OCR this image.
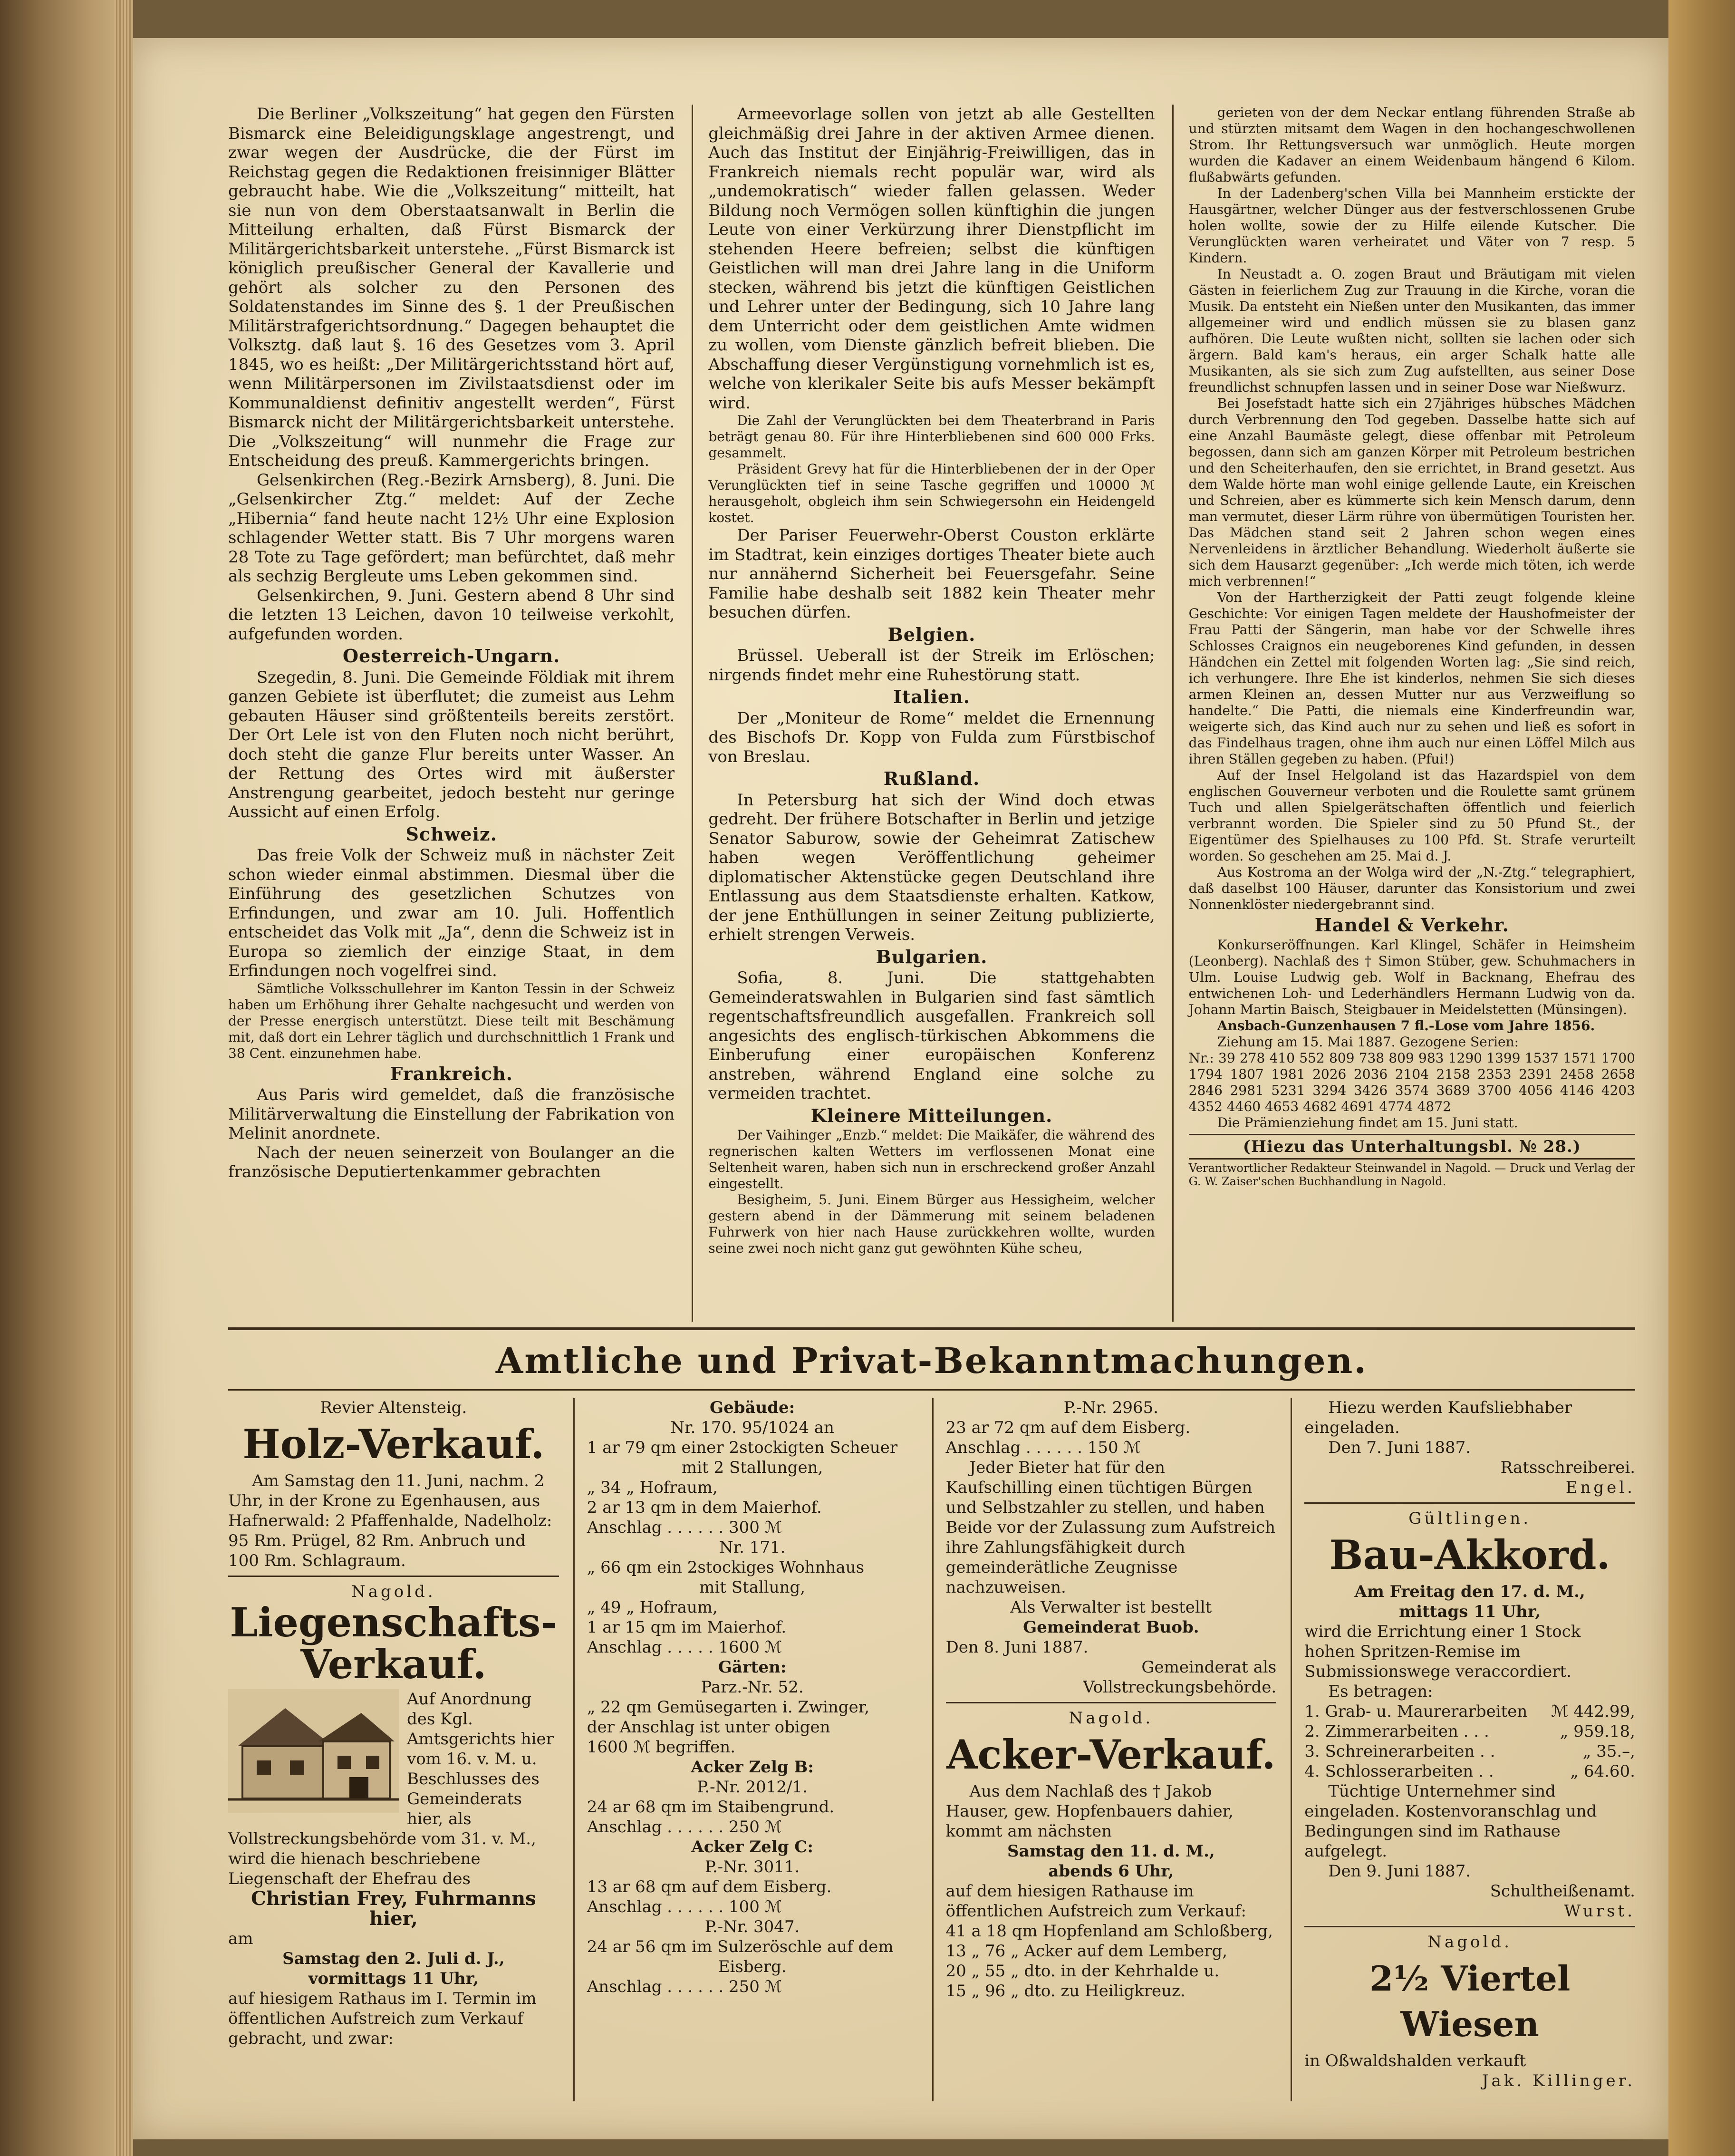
Die Berliner „Volkszeitung“ hat gegen den Fürsten Bismarck eine Beleidigungsklage angestrengt, und zwar wegen der Ausdrücke, die der Fürst im Reichstag gegen die Redaktionen freisinniger Blätter gebraucht habe. Wie die „Volkszeitung“ mitteilt, hat sie nun von dem Oberstaatsanwalt in Berlin die Mitteilung erhalten, daß Fürst Bismarck der Militärgerichtsbarkeit unterstehe. „Fürst Bismarck ist königlich preußischer General der Kavallerie und gehört als solcher zu den Personen des Soldatenstandes im Sinne des §. 1 der Preußischen Militärstrafgerichtsordnung.“ Dagegen behauptet die Volksztg. daß laut §. 16 des Gesetzes vom 3. April 1845, wo es heißt: „Der Militärgerichtsstand hört auf, wenn Militärpersonen im Zivilstaatsdienst oder im Kommunaldienst definitiv angestellt werden“, Fürst Bismarck nicht der Militärgerichtsbarkeit unterstehe. Die „Volkszeitung“ will nunmehr die Frage zur Entscheidung des preuß. Kammergerichts bringen.

Gelsenkirchen (Reg.-Bezirk Arnsberg), 8. Juni. Die „Gelsenkircher Ztg.“ meldet: Auf der Zeche „Hibernia“ fand heute nacht 12½ Uhr eine Explosion schlagender Wetter statt. Bis 7 Uhr morgens waren 28 Tote zu Tage gefördert; man befürchtet, daß mehr als sechzig Bergleute ums Leben gekommen sind.

Gelsenkirchen, 9. Juni. Gestern abend 8 Uhr sind die letzten 13 Leichen, davon 10 teilweise verkohlt, aufgefunden worden.

Oesterreich-Ungarn.

Szegedin, 8. Juni. Die Gemeinde Földiak mit ihrem ganzen Gebiete ist überflutet; die zumeist aus Lehm gebauten Häuser sind größtenteils bereits zerstört. Der Ort Lele ist von den Fluten noch nicht berührt, doch steht die ganze Flur bereits unter Wasser. An der Rettung des Ortes wird mit äußerster Anstrengung gearbeitet, jedoch besteht nur geringe Aussicht auf einen Erfolg.

Schweiz.

Das freie Volk der Schweiz muß in nächster Zeit schon wieder einmal abstimmen. Diesmal über die Einführung des gesetzlichen Schutzes von Erfindungen, und zwar am 10. Juli. Hoffentlich entscheidet das Volk mit „Ja“, denn die Schweiz ist in Europa so ziemlich der einzige Staat, in dem Erfindungen noch vogelfrei sind.

Sämtliche Volksschullehrer im Kanton Tessin in der Schweiz haben um Erhöhung ihrer Gehalte nachgesucht und werden von der Presse energisch unterstützt. Diese teilt mit Beschämung mit, daß dort ein Lehrer täglich und durchschnittlich 1 Frank und 38 Cent. einzunehmen habe.

Frankreich.

Aus Paris wird gemeldet, daß die französische Militärverwaltung die Einstellung der Fabrikation von Melinit anordnete.

Nach der neuen seinerzeit von Boulanger an die französische Deputiertenkammer gebrachten

Armeevorlage sollen von jetzt ab alle Gestellten gleichmäßig drei Jahre in der aktiven Armee dienen. Auch das Institut der Einjährig-Freiwilligen, das in Frankreich niemals recht populär war, wird als „undemokratisch“ wieder fallen gelassen. Weder Bildung noch Vermögen sollen künftighin die jungen Leute von einer Verkürzung ihrer Dienstpflicht im stehenden Heere befreien; selbst die künftigen Geistlichen will man drei Jahre lang in die Uniform stecken, während bis jetzt die künftigen Geistlichen und Lehrer unter der Bedingung, sich 10 Jahre lang dem Unterricht oder dem geistlichen Amte widmen zu wollen, vom Dienste gänzlich befreit blieben. Die Abschaffung dieser Vergünstigung vornehmlich ist es, welche von klerikaler Seite bis aufs Messer bekämpft wird.

Die Zahl der Verunglückten bei dem Theaterbrand in Paris beträgt genau 80. Für ihre Hinterbliebenen sind 600 000 Frks. gesammelt.

Präsident Grevy hat für die Hinterbliebenen der in der Oper Verunglückten tief in seine Tasche gegriffen und 10000 ℳ herausgeholt, obgleich ihm sein Schwiegersohn ein Heidengeld kostet.

Der Pariser Feuerwehr-Oberst Couston erklärte im Stadtrat, kein einziges dortiges Theater biete auch nur annähernd Sicherheit bei Feuersgefahr. Seine Familie habe deshalb seit 1882 kein Theater mehr besuchen dürfen.

Belgien.

Brüssel. Ueberall ist der Streik im Erlöschen; nirgends findet mehr eine Ruhestörung statt.

Italien.

Der „Moniteur de Rome“ meldet die Ernennung des Bischofs Dr. Kopp von Fulda zum Fürstbischof von Breslau.

Rußland.

In Petersburg hat sich der Wind doch etwas gedreht. Der frühere Botschafter in Berlin und jetzige Senator Saburow, sowie der Geheimrat Zatischew haben wegen Veröffentlichung geheimer diplomatischer Aktenstücke gegen Deutschland ihre Entlassung aus dem Staatsdienste erhalten. Katkow, der jene Enthüllungen in seiner Zeitung publizierte, erhielt strengen Verweis.

Bulgarien.

Sofia, 8. Juni. Die stattgehabten Gemeinderatswahlen in Bulgarien sind fast sämtlich regentschaftsfreundlich ausgefallen. Frankreich soll angesichts des englisch-türkischen Abkommens die Einberufung einer europäischen Konferenz anstreben, während England eine solche zu vermeiden trachtet.

Kleinere Mitteilungen.

Der Vaihinger „Enzb.“ meldet: Die Maikäfer, die während des regnerischen kalten Wetters im verflossenen Monat eine Seltenheit waren, haben sich nun in erschreckend großer Anzahl eingestellt.

Besigheim, 5. Juni. Einem Bürger aus Hessigheim, welcher gestern abend in der Dämmerung mit seinem beladenen Fuhrwerk von hier nach Hause zurückkehren wollte, wurden seine zwei noch nicht ganz gut gewöhnten Kühe scheu,

gerieten von der dem Neckar entlang führenden Straße ab und stürzten mitsamt dem Wagen in den hochangeschwollenen Strom. Ihr Rettungsversuch war unmöglich. Heute morgen wurden die Kadaver an einem Weidenbaum hängend 6 Kilom. flußabwärts gefunden.

In der Ladenberg'schen Villa bei Mannheim erstickte der Hausgärtner, welcher Dünger aus der festverschlossenen Grube holen wollte, sowie der zu Hilfe eilende Kutscher. Die Verunglückten waren verheiratet und Väter von 7 resp. 5 Kindern.

In Neustadt a. O. zogen Braut und Bräutigam mit vielen Gästen in feierlichem Zug zur Trauung in die Kirche, voran die Musik. Da entsteht ein Nießen unter den Musikanten, das immer allgemeiner wird und endlich müssen sie zu blasen ganz aufhören. Die Leute wußten nicht, sollten sie lachen oder sich ärgern. Bald kam's heraus, ein arger Schalk hatte alle Musikanten, als sie sich zum Zug aufstellten, aus seiner Dose freundlichst schnupfen lassen und in seiner Dose war Nießwurz.

Bei Josefstadt hatte sich ein 27jähriges hübsches Mädchen durch Verbrennung den Tod gegeben. Dasselbe hatte sich auf eine Anzahl Baumäste gelegt, diese offenbar mit Petroleum begossen, dann sich am ganzen Körper mit Petroleum bestrichen und den Scheiterhaufen, den sie errichtet, in Brand gesetzt. Aus dem Walde hörte man wohl einige gellende Laute, ein Kreischen und Schreien, aber es kümmerte sich kein Mensch darum, denn man vermutet, dieser Lärm rühre von übermütigen Touristen her. Das Mädchen stand seit 2 Jahren schon wegen eines Nervenleidens in ärztlicher Behandlung. Wiederholt äußerte sie sich dem Hausarzt gegenüber: „Ich werde mich töten, ich werde mich verbrennen!“

Von der Hartherzigkeit der Patti zeugt folgende kleine Geschichte: Vor einigen Tagen meldete der Haushofmeister der Frau Patti der Sängerin, man habe vor der Schwelle ihres Schlosses Craignos ein neugeborenes Kind gefunden, in dessen Händchen ein Zettel mit folgenden Worten lag: „Sie sind reich, ich verhungere. Ihre Ehe ist kinderlos, nehmen Sie sich dieses armen Kleinen an, dessen Mutter nur aus Verzweiflung so handelte.“ Die Patti, die niemals eine Kinderfreundin war, weigerte sich, das Kind auch nur zu sehen und ließ es sofort in das Findelhaus tragen, ohne ihm auch nur einen Löffel Milch aus ihren Ställen gegeben zu haben. (Pfui!)

Auf der Insel Helgoland ist das Hazardspiel von dem englischen Gouverneur verboten und die Roulette samt grünem Tuch und allen Spielgerätschaften öffentlich und feierlich verbrannt worden. Die Spieler sind zu 50 Pfund St., der Eigentümer des Spielhauses zu 100 Pfd. St. Strafe verurteilt worden. So geschehen am 25. Mai d. J.

Aus Kostroma an der Wolga wird der „N.-Ztg.“ telegraphiert, daß daselbst 100 Häuser, darunter das Konsistorium und zwei Nonnenklöster niedergebrannt sind.

Handel & Verkehr.

Konkurseröffnungen. Karl Klingel, Schäfer in Heimsheim (Leonberg). Nachlaß des † Simon Stüber, gew. Schuhmachers in Ulm. Louise Ludwig geb. Wolf in Backnang, Ehefrau des entwichenen Loh- und Lederhändlers Hermann Ludwig von da. Johann Martin Baisch, Steigbauer in Meidelstetten (Münsingen).

Ansbach-Gunzenhausen 7 fl.-Lose vom Jahre 1856.

Ziehung am 15. Mai 1887. Gezogene Serien:

Nr.: 39 278 410 552 809 738 809 983 1290 1399 1537 1571 1700 1794 1807 1981 2026 2036 2104 2158 2353 2391 2458 2658 2846 2981 5231 3294 3426 3574 3689 3700 4056 4146 4203 4352 4460 4653 4682 4691 4774 4872

Die Prämienziehung findet am 15. Juni statt.

(Hiezu das Unterhaltungsbl. № 28.)

Verantwortlicher Redakteur Steinwandel in Nagold. — Druck und Verlag der G. W. Zaiser'schen Buchhandlung in Nagold.

Amtliche und Privat-Bekanntmachungen.

Revier Altensteig.

Holz-Verkauf.

Am Samstag den 11. Juni, nachm. 2 Uhr, in der Krone zu Egenhausen, aus Hafnerwald: 2 Pfaffenhalde, Nadelholz: 95 Rm. Prügel, 82 Rm. Anbruch und 100 Rm. Schlagraum.

Nagold.

Liegenschafts-
Verkauf.

Auf Anordnung des Kgl. Amtsgerichts hier vom 16. v. M. u. Beschlusses des Gemeinderats hier, als Vollstreckungsbehörde vom 31. v. M., wird die hienach beschriebene Liegenschaft der Ehefrau des

Christian Frey, Fuhrmanns hier,

am

Samstag den 2. Juli d. J.,

vormittags 11 Uhr,

auf hiesigem Rathaus im I. Termin im öffentlichen Aufstreich zum Verkauf gebracht, und zwar:

Gebäude:

Nr. 170. 95/1024 an

1 ar 79 qm einer 2stockigten Scheuer

mit 2 Stallungen,

„ 34 „ Hofraum,

2 ar 13 qm in dem Maierhof.

Anschlag . . . . . . 300 ℳ

Nr. 171.

„ 66 qm ein 2stockiges Wohnhaus

mit Stallung,

„ 49 „ Hofraum,

1 ar 15 qm im Maierhof.

Anschlag . . . . . 1600 ℳ

Gärten:

Parz.-Nr. 52.

„ 22 qm Gemüsegarten i. Zwinger,

der Anschlag ist unter obigen

1600 ℳ begriffen.

Acker Zelg B:

P.-Nr. 2012/1.

24 ar 68 qm im Staibengrund.

Anschlag . . . . . . 250 ℳ

Acker Zelg C:

P.-Nr. 3011.

13 ar 68 qm auf dem Eisberg.

Anschlag . . . . . . 100 ℳ

P.-Nr. 3047.

24 ar 56 qm im Sulzeröschle auf dem

Eisberg.

Anschlag . . . . . . 250 ℳ

P.-Nr. 2965.

23 ar 72 qm auf dem Eisberg.

Anschlag . . . . . . 150 ℳ

Jeder Bieter hat für den Kaufschilling einen tüchtigen Bürgen und Selbstzahler zu stellen, und haben Beide vor der Zulassung zum Aufstreich ihre Zahlungsfähigkeit durch gemeinderätliche Zeugnisse nachzuweisen.

Als Verwalter ist bestellt

Gemeinderat Buob.

Den 8. Juni 1887.

Gemeinderat als

Vollstreckungsbehörde.

Nagold.

Acker-Verkauf.

Aus dem Nachlaß des † Jakob Hauser, gew. Hopfenbauers dahier, kommt am nächsten

Samstag den 11. d. M.,

abends 6 Uhr,

auf dem hiesigen Rathause im öffentlichen Aufstreich zum Verkauf:

41 a 18 qm Hopfenland am Schloßberg,

13 „ 76 „ Acker auf dem Lemberg,

20 „ 55 „ dto. in der Kehrhalde u.

15 „ 96 „ dto. zu Heiligkreuz.

Hiezu werden Kaufsliebhaber eingeladen.

Den 7. Juni 1887.

Ratsschreiberei.

Engel.

Gültlingen.

Bau-Akkord.

Am Freitag den 17. d. M.,

mittags 11 Uhr,

wird die Errichtung einer 1 Stock hohen Spritzen-Remise im Submissionswege veraccordiert.

Es betragen:

1. Grab- u. Maurerarbeiten ℳ 442.99,
2. Zimmerarbeiten . . .	„ 959.18,
3. Schreinerarbeiten . .	„ 35.–,
4. Schlosserarbeiten . .	„ 64.60.

Tüchtige Unternehmer sind eingeladen. Kostenvoranschlag und Bedingungen sind im Rathause aufgelegt.

Den 9. Juni 1887.

Schultheißenamt.

Wurst.

Nagold.

2½ Viertel Wiesen

in Oßwaldshalden verkauft

Jak. Killinger.
